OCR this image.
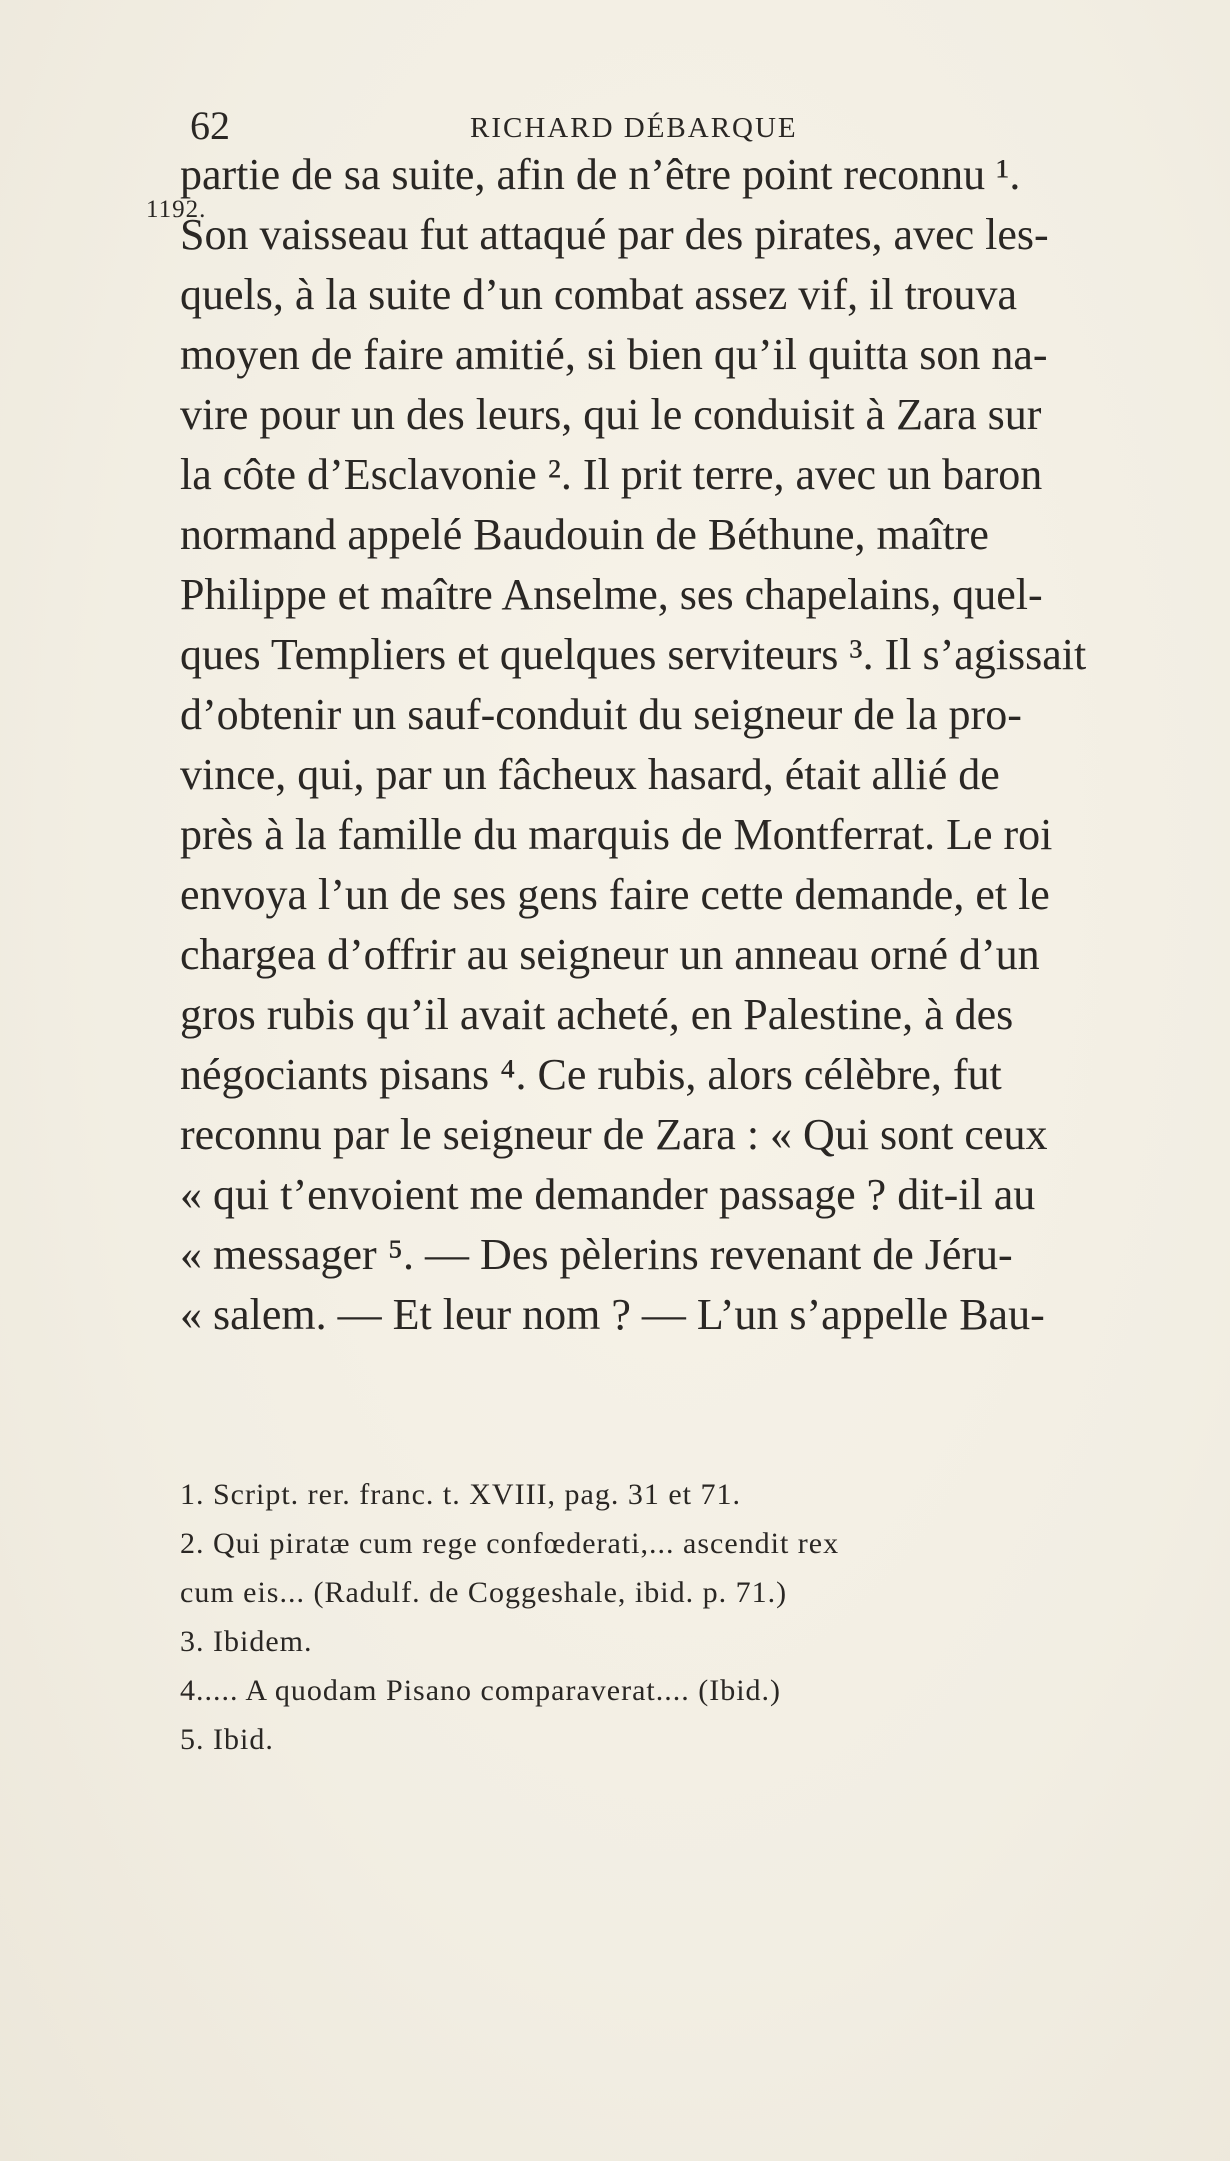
62	RICHARD DÉBARQUE
1192.
partie de sa suite, afin de n’être point reconnu ¹.
Son vaisseau fut attaqué par des pirates, avec les-
quels, à la suite d’un combat assez vif, il trouva
moyen de faire amitié, si bien qu’il quitta son na-
vire pour un des leurs, qui le conduisit à Zara sur
la côte d’Esclavonie ². Il prit terre, avec un baron
normand appelé Baudouin de Béthune, maître
Philippe et maître Anselme, ses chapelains, quel-
ques Templiers et quelques serviteurs ³. Il s’agissait
d’obtenir un sauf-conduit du seigneur de la pro-
vince, qui, par un fâcheux hasard, était allié de
près à la famille du marquis de Montferrat. Le roi
envoya l’un de ses gens faire cette demande, et le
chargea d’offrir au seigneur un anneau orné d’un
gros rubis qu’il avait acheté, en Palestine, à des
négociants pisans ⁴. Ce rubis, alors célèbre, fut
reconnu par le seigneur de Zara : « Qui sont ceux
« qui t’envoient me demander passage ? dit-il au
« messager ⁵. — Des pèlerins revenant de Jéru-
« salem. — Et leur nom ? — L’un s’appelle Bau-
1. Script. rer. franc. t. XVIII, pag. 31 et 71.
2. Qui piratæ cum rege confœderati,... ascendit rex
cum eis... (Radulf. de Coggeshale, ibid. p. 71.)
3. Ibidem.
4..... A quodam Pisano comparaverat.... (Ibid.)
5. Ibid.
